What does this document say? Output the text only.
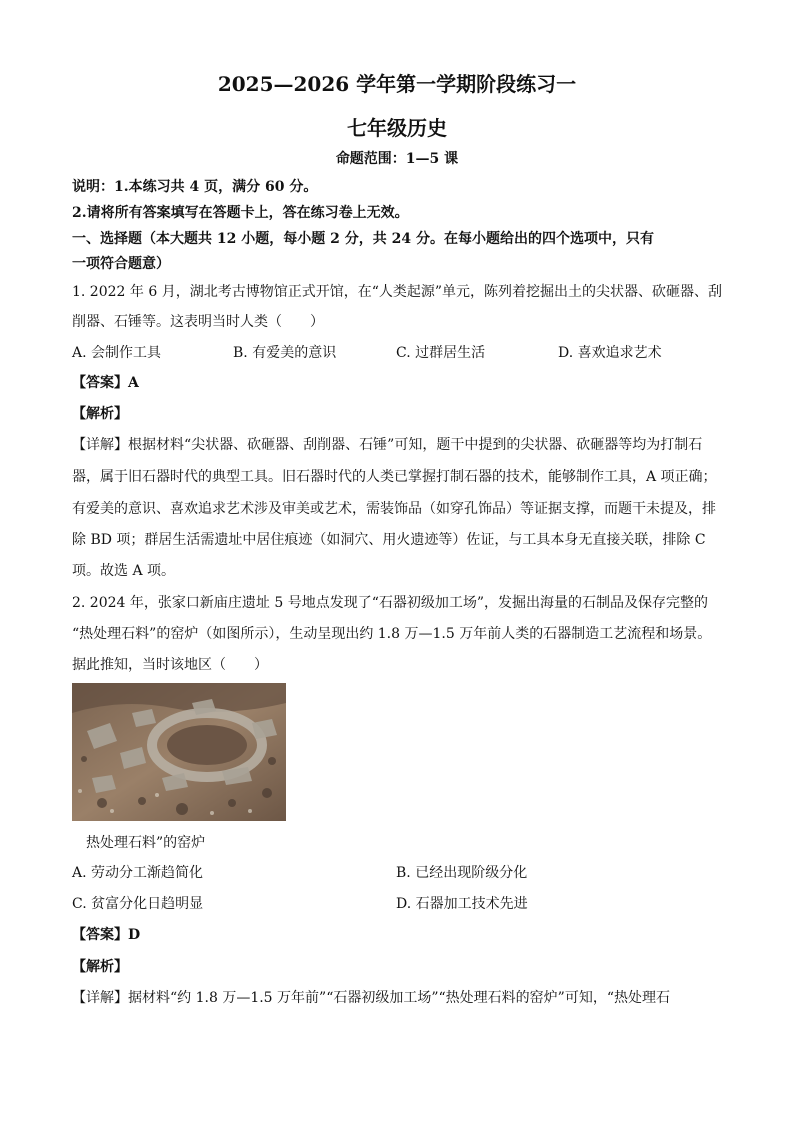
2025—2026 学年第一学期阶段练习一
七年级历史
命题范围：1—5 课
说明：1.本练习共 4 页，满分 60 分。
2.请将所有答案填写在答题卡上，答在练习卷上无效。
一、选择题（本大题共 12 小题，每小题 2 分，共 24 分。在每小题给出的四个选项中，只有
一项符合题意）
1. 2022 年 6 月，湖北考古博物馆正式开馆，在“人类起源”单元，陈列着挖掘出土的尖状器、砍砸器、刮
削器、石锤等。这表明当时人类（　　）
A. 会制作工具	B. 有爱美的意识	C. 过群居生活	D. 喜欢追求艺术
【答案】A
【解析】
【详解】根据材料“尖状器、砍砸器、刮削器、石锤”可知，题干中提到的尖状器、砍砸器等均为打制石
器，属于旧石器时代的典型工具。旧石器时代的人类已掌握打制石器的技术，能够制作工具，A 项正确；
有爱美的意识、喜欢追求艺术涉及审美或艺术，需装饰品（如穿孔饰品）等证据支撑，而题干未提及，排
除 BD 项；群居生活需遗址中居住痕迹（如洞穴、用火遗迹等）佐证，与工具本身无直接关联，排除 C
项。故选 A 项。
2. 2024 年，张家口新庙庄遗址 5 号地点发现了“石器初级加工场”，发掘出海量的石制品及保存完整的
“热处理石料”的窑炉（如图所示），生动呈现出约 1.8 万—1.5 万年前人类的石器制造工艺流程和场景。
据此推知，当时该地区（　　）
热处理石料”的窑炉
A. 劳动分工渐趋简化	B. 已经出现阶级分化
C. 贫富分化日趋明显	D. 石器加工技术先进
【答案】D
【解析】
【详解】据材料“约 1.8 万—1.5 万年前”“石器初级加工场”“热处理石料的窑炉”可知，“热处理石
